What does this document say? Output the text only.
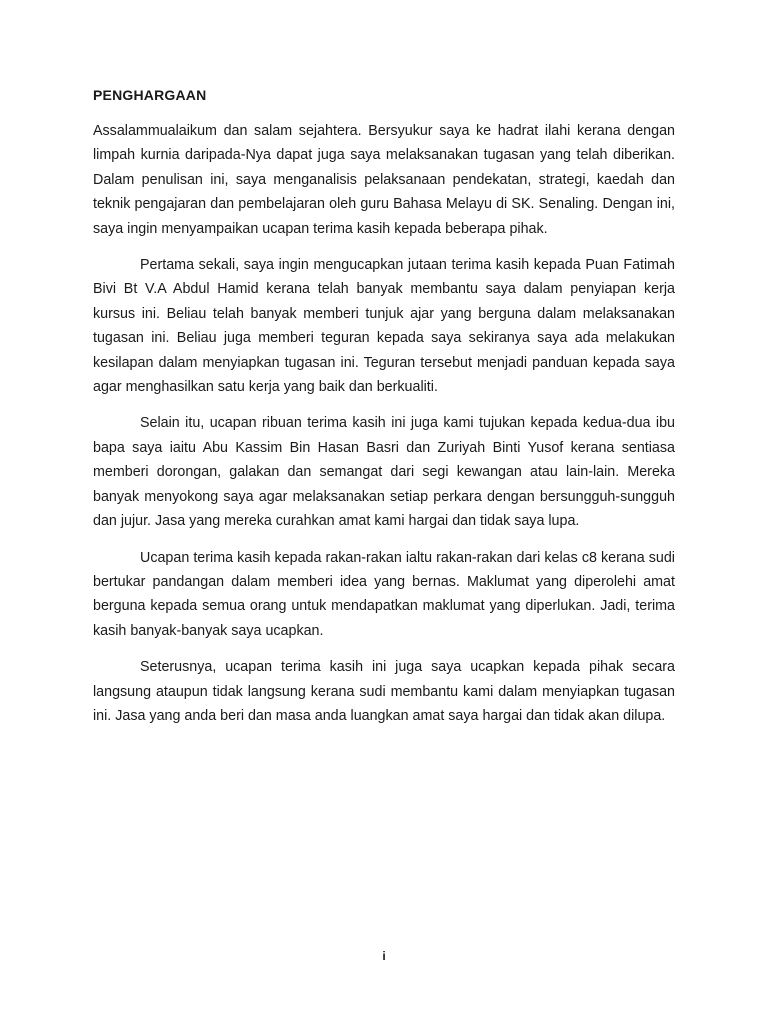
PENGHARGAAN

Assalammualaikum dan salam sejahtera. Bersyukur saya ke hadrat ilahi kerana dengan limpah kurnia daripada-Nya dapat juga saya melaksanakan tugasan yang telah diberikan. Dalam penulisan ini, saya menganalisis pelaksanaan pendekatan, strategi, kaedah dan teknik pengajaran dan pembelajaran oleh guru Bahasa Melayu di SK. Senaling. Dengan ini, saya ingin menyampaikan ucapan terima kasih kepada beberapa pihak.

Pertama sekali, saya ingin mengucapkan jutaan terima kasih kepada Puan Fatimah Bivi Bt V.A Abdul Hamid kerana telah banyak membantu saya dalam penyiapan kerja kursus ini. Beliau telah banyak memberi tunjuk ajar yang berguna dalam melaksanakan tugasan ini. Beliau juga memberi teguran kepada saya sekiranya saya ada melakukan kesilapan dalam menyiapkan tugasan ini. Teguran tersebut menjadi panduan kepada saya agar menghasilkan satu kerja yang baik dan berkualiti.

Selain itu, ucapan ribuan terima kasih ini juga kami tujukan kepada kedua-dua ibu bapa saya iaitu Abu Kassim Bin Hasan Basri dan Zuriyah Binti Yusof kerana sentiasa memberi dorongan, galakan dan semangat dari segi kewangan atau lain-lain. Mereka banyak menyokong saya agar melaksanakan setiap perkara dengan bersungguh-sungguh dan jujur. Jasa yang mereka curahkan amat kami hargai dan tidak saya lupa.

Ucapan terima kasih kepada rakan-rakan ialtu rakan-rakan dari kelas c8 kerana sudi bertukar pandangan dalam memberi idea yang bernas. Maklumat yang diperolehi amat berguna kepada semua orang untuk mendapatkan maklumat yang diperlukan. Jadi, terima kasih banyak-banyak saya ucapkan.

Seterusnya, ucapan terima kasih ini juga saya ucapkan kepada pihak secara langsung ataupun tidak langsung kerana sudi membantu kami dalam menyiapkan tugasan ini. Jasa yang anda beri dan masa anda luangkan amat saya hargai dan tidak akan dilupa.

i
